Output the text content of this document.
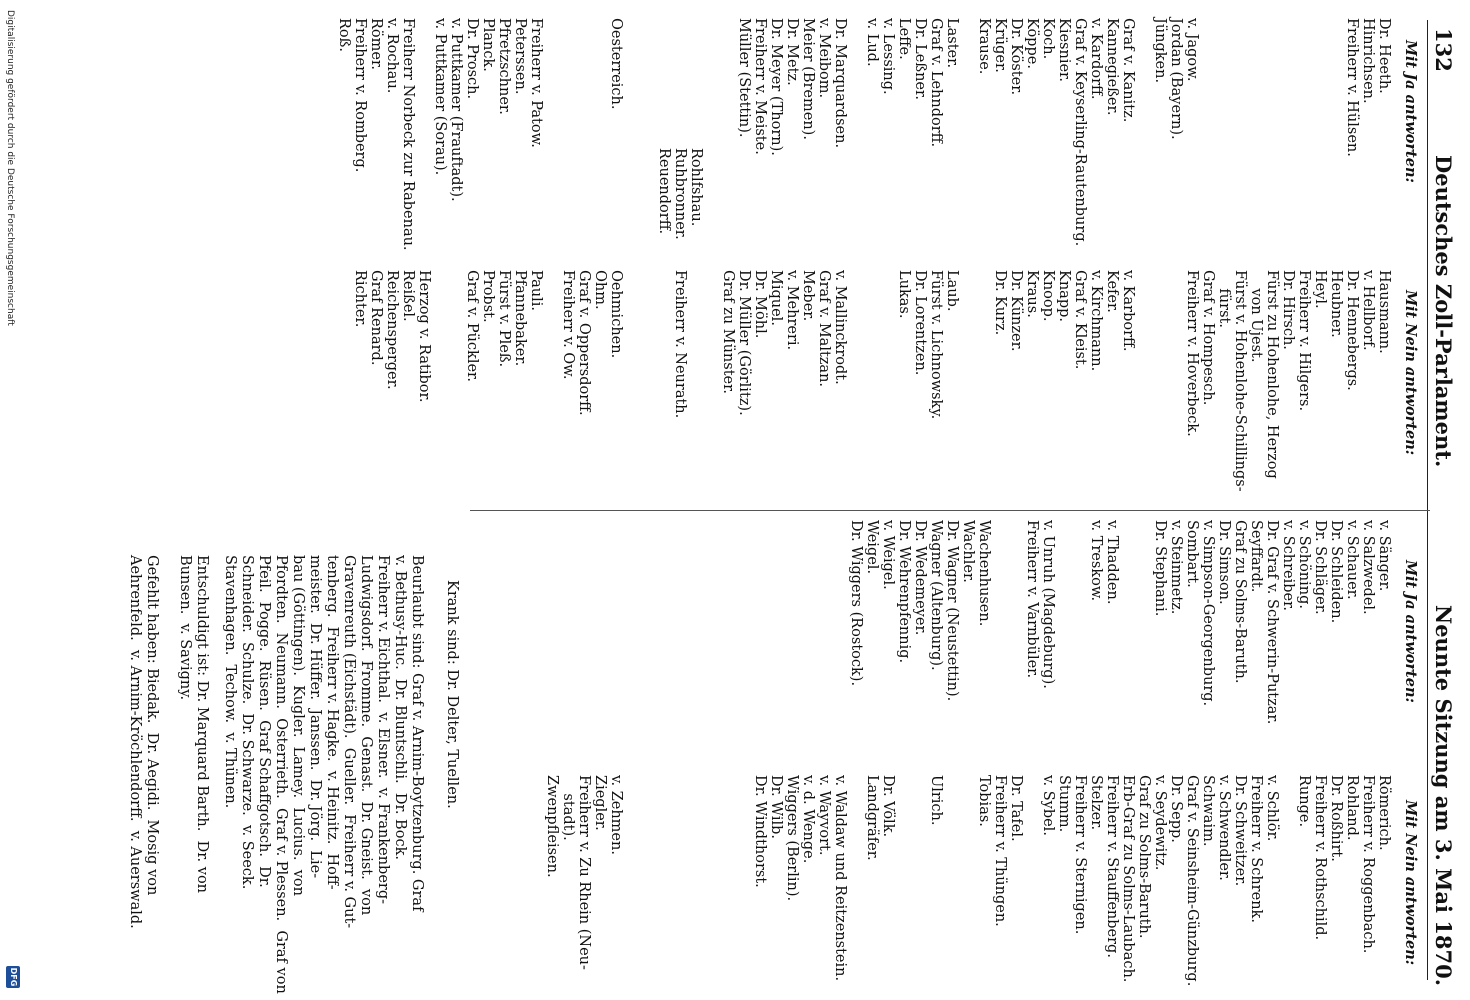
132
Deutsches Zoll-Parlament.
Neunte Sitzung am 3. Mai 1870.
Mit Ja antworten:
Mit Nein antworten:
Dr. Heeth.
Hinrichsen.
Freiherr v. Hülsen.
v. Jagow.
Jordan (Bayern).
Jüngken.
Graf v. Kanitz.
Kannegießer.
v. Kardorff.
Graf v. Keyserling-Rautenburg.
Kiesnier.
Koch.
Köppe.
Dr. Köster.
Krüger.
Krause.
Laster.
Graf v. Lehndorff.
Dr. Leßner.
Leffe.
v. Lessing.
v. Lud.
Dr. Marquardsen.
v. Meibom.
Meier (Bremen).
Dr. Metz.
Dr. Meyer (Thorn).
Freiherr v. Meiste.
Müller (Stettin).
Oesterreich.
Freiherr v. Patow.
Peterssen.
Pfretzschner.
Planck.
Dr. Prosch.
v. Puttkamer (Frauftadt).
v. Puttkamer (Sorau).
Freiherr Norbeck zur Rabenau.
v. Rochau.
Römer.
Freiherr v. Romberg.
Roß.
Rohlfshau.
Ruhbronner.
Reuendorff.
Hausmann.
v. Hellborf.
Dr. Hennebergs.
Heubner.
Heyl.
Freiherr v. Hilgers.
Dr. Hirsch.
Fürst zu Hohenlohe, Herzog
von Ujest.
Fürst v. Hohenlohe-Schillings-
fürst.
Graf v. Hompesch.
Freiherr v. Hoverbeck.
v. Karborff.
Kefer.
v. Kirchmann.
Graf v. Kleist.
Knapp.
Knoop.
Kraus.
Dr. Künzer.
Dr. Kurz.
Laub.
Fürst v. Lichnowsky.
Dr. Lorentzen.
Lukas.
v. Mallinckrodt.
Graf v. Maltzan.
Meber.
v. Mehreri.
Miquel.
Dr. Möhl.
Dr. Müller (Görlitz).
Graf zu Münster.
Freiherr v. Neurath.
Oehmichen.
Ohm.
Graf v. Oppersdorff.
Freiherr v. Ow.
Pauli.
Pfannebaker.
Fürst v. Pleß.
Probst.
Graf v. Pückler.
Herzog v. Ratibor.
Reißel.
Reichensperger.
Graf Renard.
Richter.
Mit Ja antworten:
Mit Nein antworten:
v. Sänger.
v. Salzwedel.
v. Schauer.
Dr. Schleiden.
Dr. Schläger.
v. Schöning.
v. Schreiber.
Dr. Graf v. Schwerin-Putzar.
Seyffardt.
Graf zu Solms-Baruth.
Dr. Simson.
v. Simpson-Georgenburg.
Sombart.
v. Steinmetz.
Dr. Stephani.
v. Thadden.
v. Treskow.
v. Unruh (Magdeburg).
Freiherr v. Varnbüler.
Wachenhusen.
Wachler.
Dr. Wagner (Neustettin).
Wagner (Altenburg).
Dr. Wedemeyer.
Dr. Wehrenpfennig.
v. Weigel.
Weigel.
Dr. Wiggers (Rostock).
Römerich.
Freiherr v. Roggenbach.
Rohland.
Dr. Roßhirt.
Freiherr v. Rothschild.
Runge.
v. Schlör.
Freiherr v. Schrenk.
Dr. Schweitzer.
v. Schwendler.
Schwaim.
Graf v. Seinsheim-Günzburg.
Dr. Sepp.
v. Seydewitz.
Graf zu Solms-Baruth.
Erb-Graf zu Solms-Laubach.
Freiherr v. Stauffenberg.
Stelzer.
Freiherr v. Sternigen.
Stumm.
v. Sybel.
Dr. Tafel.
Freiherr v. Thüngen.
Tobias.
Ulrich.
Dr. Völk.
Landgräfer.
v. Waldaw und Reitzenstein.
v. Wayvort.
v. d. Wenge.
Wiggers (Berlin).
Dr. Wilb.
Dr. Windthorst.
v. Zehmen.
Ziegler.
Freiherr v. Zu Rhein (Neu-
stadt).
Zwenpfleisen.
Krank sind: Dr. Delter, Tuellen.
Beurlaubt sind: Graf v. Arnim-Boytzenburg. Graf
v. Bethusy-Huc.  Dr. Bluntschli.  Dr. Bock.
Freiherr v. Eichthal.  v. Elsner.  v. Frankenberg-
Ludwigsdorf.  Fromme.  Genast.  Dr. Gneist.  von
Gravenreuth (Eichstädt).  Gueller.  Freiherr v. Gut-
tenberg.  Freiherr v. Hagke.  v. Heinitz.  Hoff-
meister.  Dr. Hüffer.  Janssen.  Dr. Jörg.  Lie-
bau (Göttingen).  Kugler.  Lamey.  Lucius.  von
Pfordten.  Neumann.  Osterrieth.  Graf v. Plessen.  Graf von
Pfeil.  Pogge.  Rüsen.  Graf Schaffgotsch.  Dr.
Schneider.  Schulze.  Dr. Schwarze.  v. Seeck.
Stavenhagen.  Techow.  v. Thünen.
Entschuldigt ist: Dr. Marquard Barth.  Dr. von
Bunsen.  v. Savigny.
Gefehlt haben: Biedak.  Dr. Aegidi.  Mosig von
Aehrenfeld.  v. Arnim-Kröchlendorff.  v. Auerswald.
Digitalisierung gefördert durch die Deutsche Forschungsgemeinschaft
DFG
